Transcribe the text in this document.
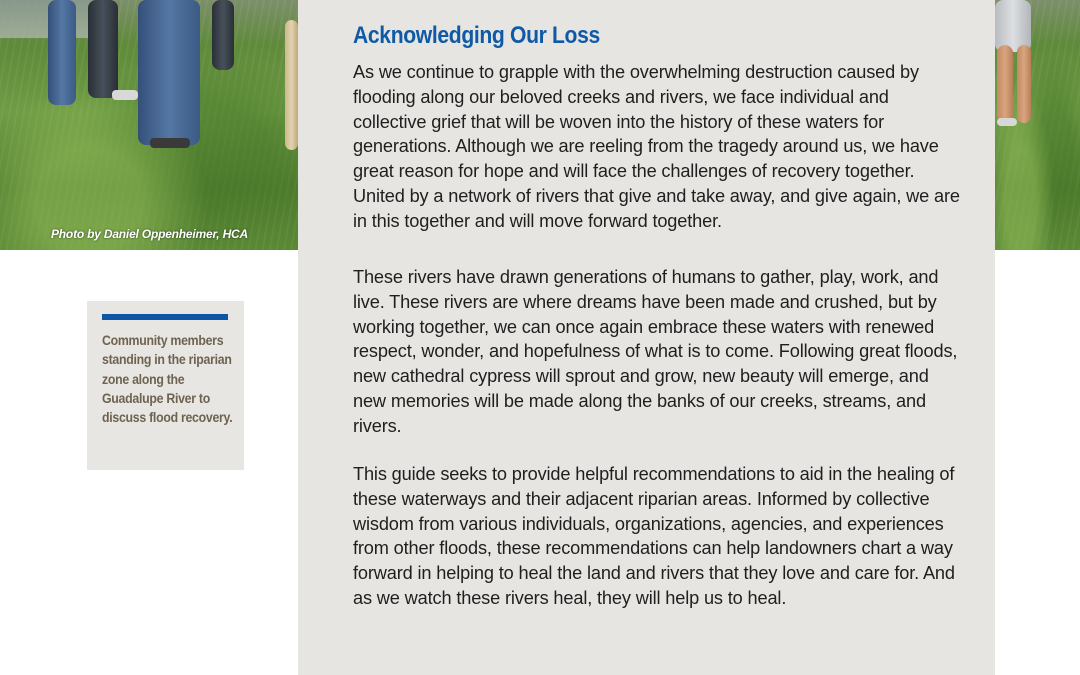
Photo by Daniel Oppenheimer, HCA
Community members standing in the riparian zone along the Guadalupe River to discuss flood recovery.
Acknowledging Our Loss

As we continue to grapple with the overwhelming destruction caused by flooding along our beloved creeks and rivers, we face individual and collective grief that will be woven into the history of these waters for generations. Although we are reeling from the tragedy around us, we have great reason for hope and will face the challenges of recovery together. United by a network of rivers that give and take away, and give again, we are in this together and will move forward together.

These rivers have drawn generations of humans to gather, play, work, and live. These rivers are where dreams have been made and crushed, but by working together, we can once again embrace these waters with renewed respect, wonder, and hopefulness of what is to come. Following great floods, new cathedral cypress will sprout and grow, new beauty will emerge, and new memories will be made along the banks of our creeks, streams, and rivers.

This guide seeks to provide helpful recommendations to aid in the healing of these waterways and their adjacent riparian areas. Informed by collective wisdom from various individuals, organizations, agencies, and experiences from other floods, these recommendations can help landowners chart a way forward in helping to heal the land and rivers that they love and care for. And as we watch these rivers heal, they will help us to heal.
